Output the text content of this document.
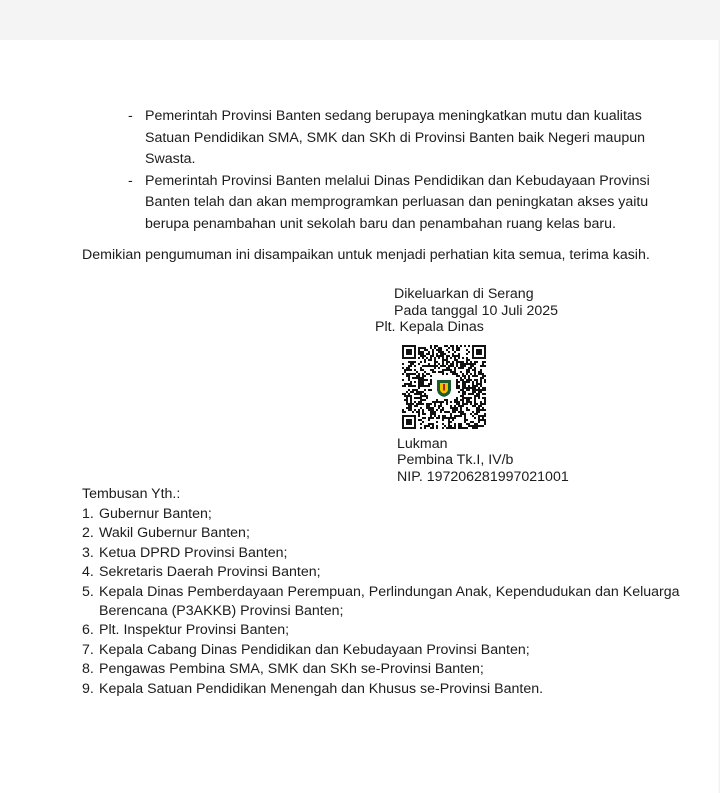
- Pemerintah Provinsi Banten sedang berupaya meningkatkan mutu dan kualitas Satuan Pendidikan SMA, SMK dan SKh di Provinsi Banten baik Negeri maupun Swasta.
- Pemerintah Provinsi Banten melalui Dinas Pendidikan dan Kebudayaan Provinsi Banten telah dan akan memprogramkan perluasan dan peningkatan akses yaitu berupa penambahan unit sekolah baru dan penambahan ruang kelas baru.
Demikian pengumuman ini disampaikan untuk menjadi perhatian kita semua, terima kasih.
Dikeluarkan di Serang
Pada tanggal 10 Juli 2025
Plt. Kepala Dinas
Lukman
Pembina Tk.I, IV/b
NIP. 197206281997021001
Tembusan Yth.:
1. Gubernur Banten;
2. Wakil Gubernur Banten;
3. Ketua DPRD Provinsi Banten;
4. Sekretaris Daerah Provinsi Banten;
5. Kepala Dinas Pemberdayaan Perempuan, Perlindungan Anak, Kependudukan dan Keluarga Berencana (P3AKKB) Provinsi Banten;
6. Plt. Inspektur Provinsi Banten;
7. Kepala Cabang Dinas Pendidikan dan Kebudayaan Provinsi Banten;
8. Pengawas Pembina SMA, SMK dan SKh se-Provinsi Banten;
9. Kepala Satuan Pendidikan Menengah dan Khusus se-Provinsi Banten.
